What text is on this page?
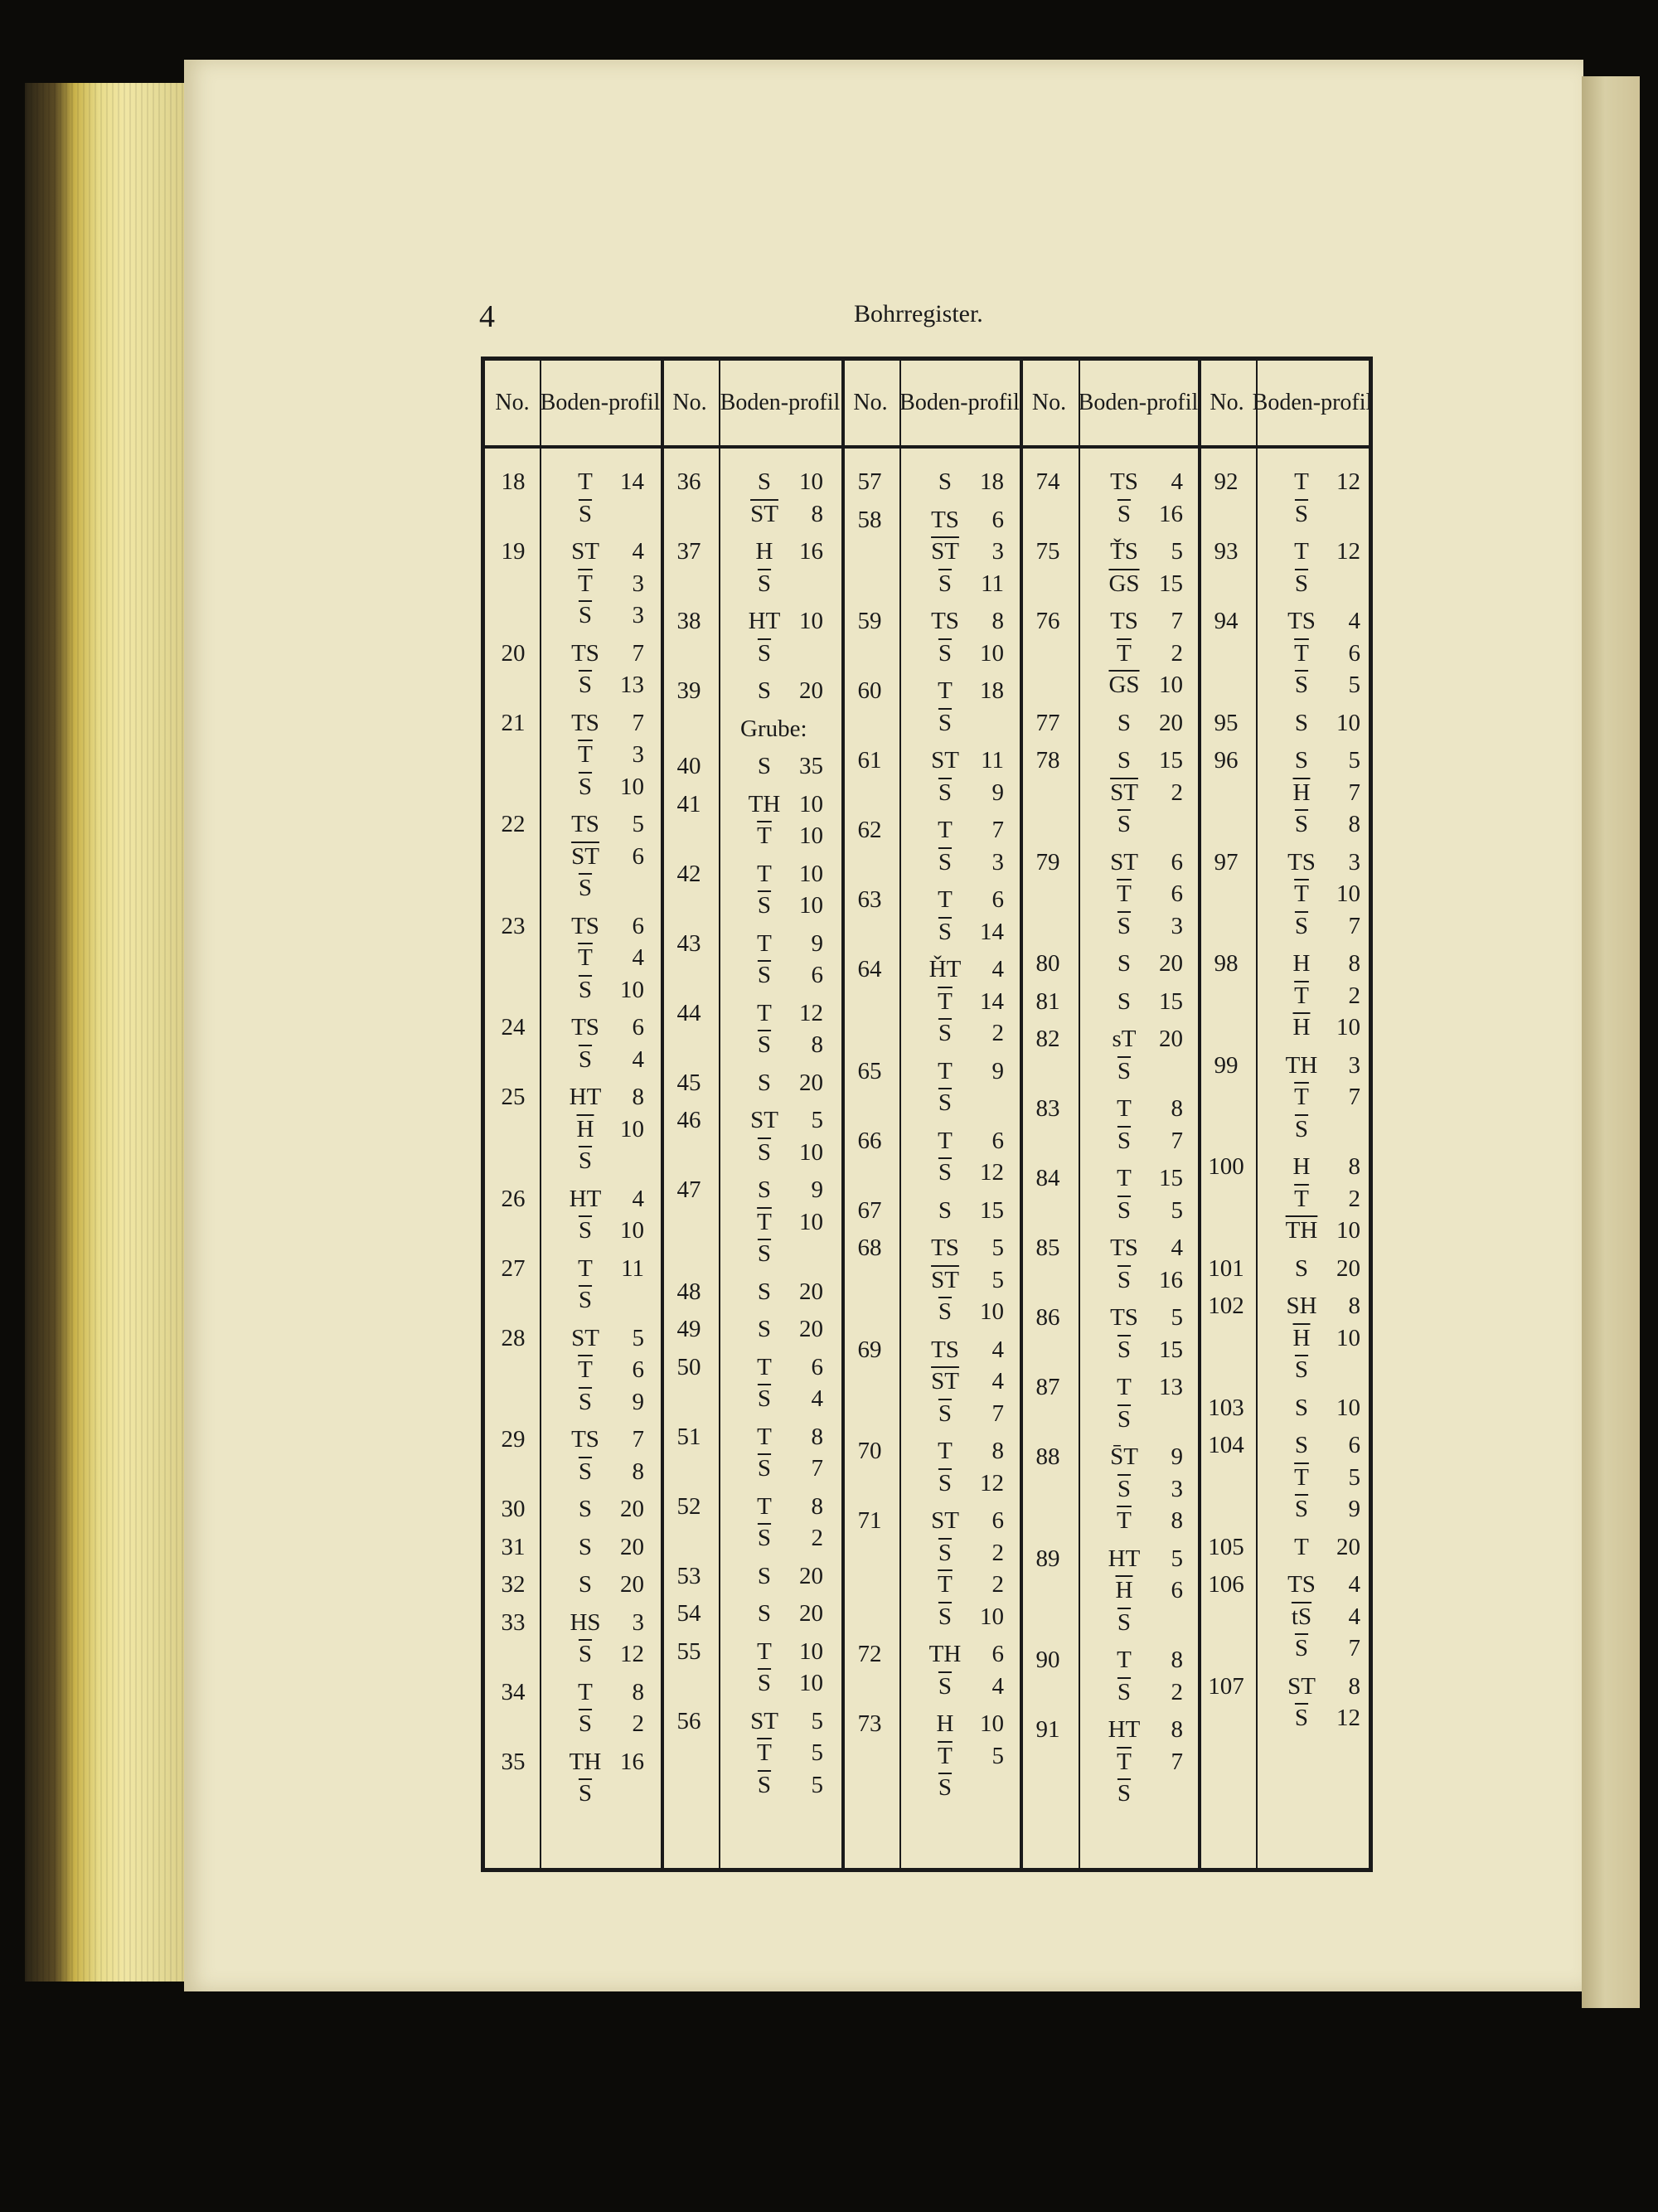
4	Bohrregister.
No. Boden- profil No. Boden- profil No. Boden- profil No. Boden- profil No. Boden- profil
18	T 14
$\overline{S}$
19	ST 4
$\overline{T}$ 3
$\overline{S}$ 3
20	TS 7
$\overline{S}$ 13
21	TS 7
$\overline{T}$ 3
$\overline{S}$ 10
22	TS 5
$\overline{ST}$ 6
$\overline{S}$
23	TS 6
$\overline{T}$ 4
$\overline{S}$ 10
24	TS 6
$\overline{S}$ 4
25	HT 8
$\overline{H}$ 10
$\overline{S}$
26	HT 4
$\overline{S}$ 10
27	T 11
$\overline{S}$
28	ST 5
$\overline{T}$ 6
$\overline{S}$ 9
29	TS 7
$\overline{S}$ 8
30	S 20
31	S 20
32	S 20
33	HS 3
$\overline{S}$ 12
34	T 8
$\overline{S}$ 2
35	TH 16
$\overline{S}$
36	S 10
$\overline{ST}$ 8
37	H 16
$\overline{S}$
38	HT 10
$\overline{S}$
39	S 20
Grube:
40	S 35
41	TH 10
$\overline{T}$ 10
42	T 10
$\overline{S}$ 10
43	T 9
$\overline{S}$ 6
44	T 12
$\overline{S}$ 8
45	S 20
46	ST 5
$\overline{S}$ 10
47	S 9
$\overline{T}$ 10
$\overline{S}$
48	S 20
49	S 20
50	T 6
$\overline{S}$ 4
51	T 8
$\overline{S}$ 7
52	T 8
$\overline{S}$ 2
53	S 20
54	S 20
55	T 10
$\overline{S}$ 10
56	ST 5
$\overline{T}$ 5
$\overline{S}$ 5
57	S 18
58	TS 6
$\overline{ST}$ 3
$\overline{S}$ 11
59	TS 8
$\overline{S}$ 10
60	T 18
$\overline{S}$
61	ST 11
$\overline{S}$ 9
62	T 7
$\overline{S}$ 3
63	T 6
$\overline{S}$ 14
64	ȞT 4
$\overline{T}$ 14
$\overline{S}$ 2
65	T 9
$\overline{S}$
66	T 6
$\overline{S}$ 12
67	S 15
68	TS 5
$\overline{ST}$ 5
$\overline{S}$ 10
69	TS 4
$\overline{ST}$ 4
$\overline{S}$ 7
70	T 8
$\overline{S}$ 12
71	ST 6
$\overline{S}$ 2
$\overline{T}$ 2
$\overline{S}$ 10
72	TH 6
$\overline{S}$ 4
73	H 10
$\overline{T}$ 5
$\overline{S}$
74	TS 4
$\overline{S}$ 16
75	ŤS 5
$\overline{GS}$ 15
76	TS 7
$\overline{T}$ 2
$\overline{GS}$ 10
77	S 20
78	S 15
$\overline{ST}$ 2
$\overline{S}$
79	ST 6
$\overline{T}$ 6
$\overline{S}$ 3
80	S 20
81	S 15
82	sT 20
$\overline{S}$
83	T 8
$\overline{S}$ 7
84	T 15
$\overline{S}$ 5
85	TS 4
$\overline{S}$ 16
86	TS 5
$\overline{S}$ 15
87	T 13
$\overline{S}$
88	S̄T 9
$\overline{S}$ 3
$\overline{T}$ 8
89	HT 5
$\overline{H}$ 6
$\overline{S}$
90	T 8
$\overline{S}$ 2
91	HT 8
$\overline{T}$ 7
$\overline{S}$
92	T 12
$\overline{S}$
93	T 12
$\overline{S}$
94	TS 4
$\overline{T}$ 6
$\overline{S}$ 5
95	S 10
96	S 5
$\overline{H}$ 7
$\overline{S}$ 8
97	TS 3
$\overline{T}$ 10
$\overline{S}$ 7
98	H 8
$\overline{T}$ 2
$\overline{H}$ 10
99	TH 3
$\overline{T}$ 7
$\overline{S}$
100	H 8
$\overline{T}$ 2
$\overline{TH}$ 10
101	S 20
102	SH 8
$\overline{H}$ 10
$\overline{S}$
103	S 10
104	S 6
$\overline{T}$ 5
$\overline{S}$ 9
105	T 20
106	TS 4
$\overline{tS}$ 4
$\overline{S}$ 7
107	ST 8
$\overline{S}$ 12
